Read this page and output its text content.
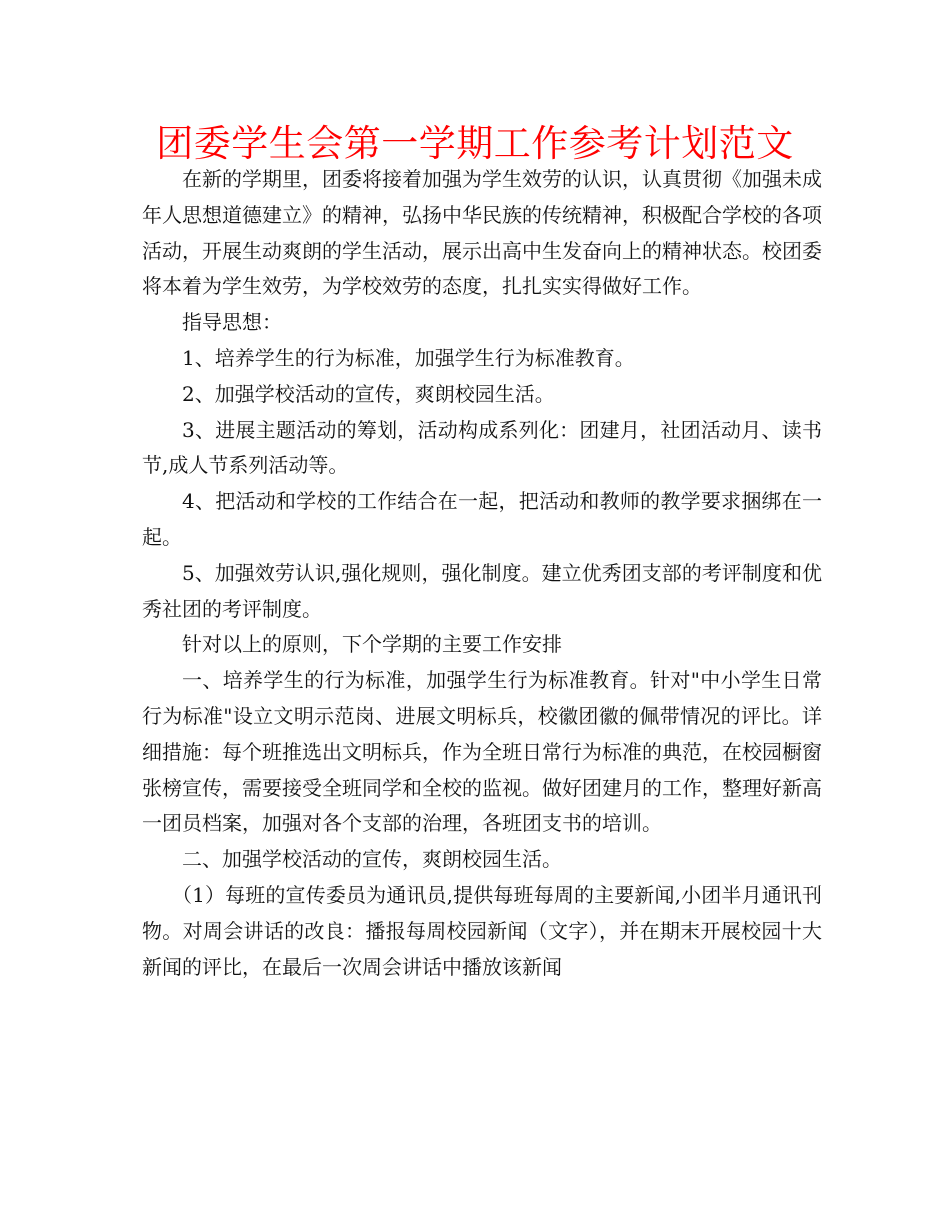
团委学生会第一学期工作参考计划范文

在新的学期里，团委将接着加强为学生效劳的认识，认真贯彻《加强未成年人思想道德建立》的精神，弘扬中华民族的传统精神，积极配合学校的各项活动，开展生动爽朗的学生活动，展示出高中生发奋向上的精神状态。校团委将本着为学生效劳，为学校效劳的态度，扎扎实实得做好工作。

指导思想：

1、培养学生的行为标准，加强学生行为标准教育。

2、加强学校活动的宣传，爽朗校园生活。

3、进展主题活动的筹划，活动构成系列化：团建月，社团活动月、读书节,成人节系列活动等。

4、把活动和学校的工作结合在一起，把活动和教师的教学要求捆绑在一起。

5、加强效劳认识,强化规则，强化制度。建立优秀团支部的考评制度和优秀社团的考评制度。

针对以上的原则，下个学期的主要工作安排

一、培养学生的行为标准，加强学生行为标准教育。针对"中小学生日常行为标准"设立文明示范岗、进展文明标兵，校徽团徽的佩带情况的评比。详细措施：每个班推选出文明标兵，作为全班日常行为标准的典范，在校园橱窗张榜宣传，需要接受全班同学和全校的监视。做好团建月的工作，整理好新高一团员档案，加强对各个支部的治理，各班团支书的培训。

二、加强学校活动的宣传，爽朗校园生活。

（1）每班的宣传委员为通讯员,提供每班每周的主要新闻,小团半月通讯刊物。对周会讲话的改良：播报每周校园新闻（文字），并在期末开展校园十大新闻的评比，在最后一次周会讲话中播放该新闻
